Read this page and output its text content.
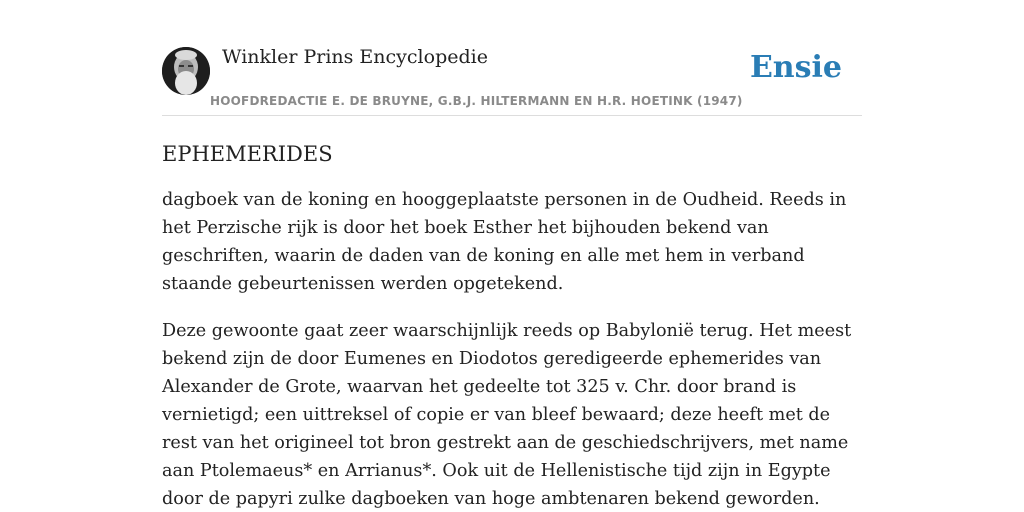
Winkler Prins Encyclopedie
HOOFDREDACTIE E. DE BRUYNE, G.B.J. HILTERMANN EN H.R. HOETINK (1947)
Ensie
EPHEMERIDES

dagboek van de koning en hooggeplaatste personen in de Oudheid. Reeds in het Perzische rijk is door het boek Esther het bijhouden bekend van geschriften, waarin de daden van de koning en alle met hem in verband staande gebeurtenissen werden opgetekend.

Deze gewoonte gaat zeer waarschijnlijk reeds op Babylonië terug. Het meest bekend zijn de door Eumenes en Diodotos geredigeerde ephemerides van Alexander de Grote, waarvan het gedeelte tot 325 v. Chr. door brand is vernietigd; een uittreksel of copie er van bleef bewaard; deze heeft met de rest van het origineel tot bron gestrekt aan de geschiedschrijvers, met name aan Ptolemaeus* en Arrianus*. Ook uit de Hellenistische tijd zijn in Egypte door de papyri zulke dagboeken van hoge ambtenaren bekend geworden.
